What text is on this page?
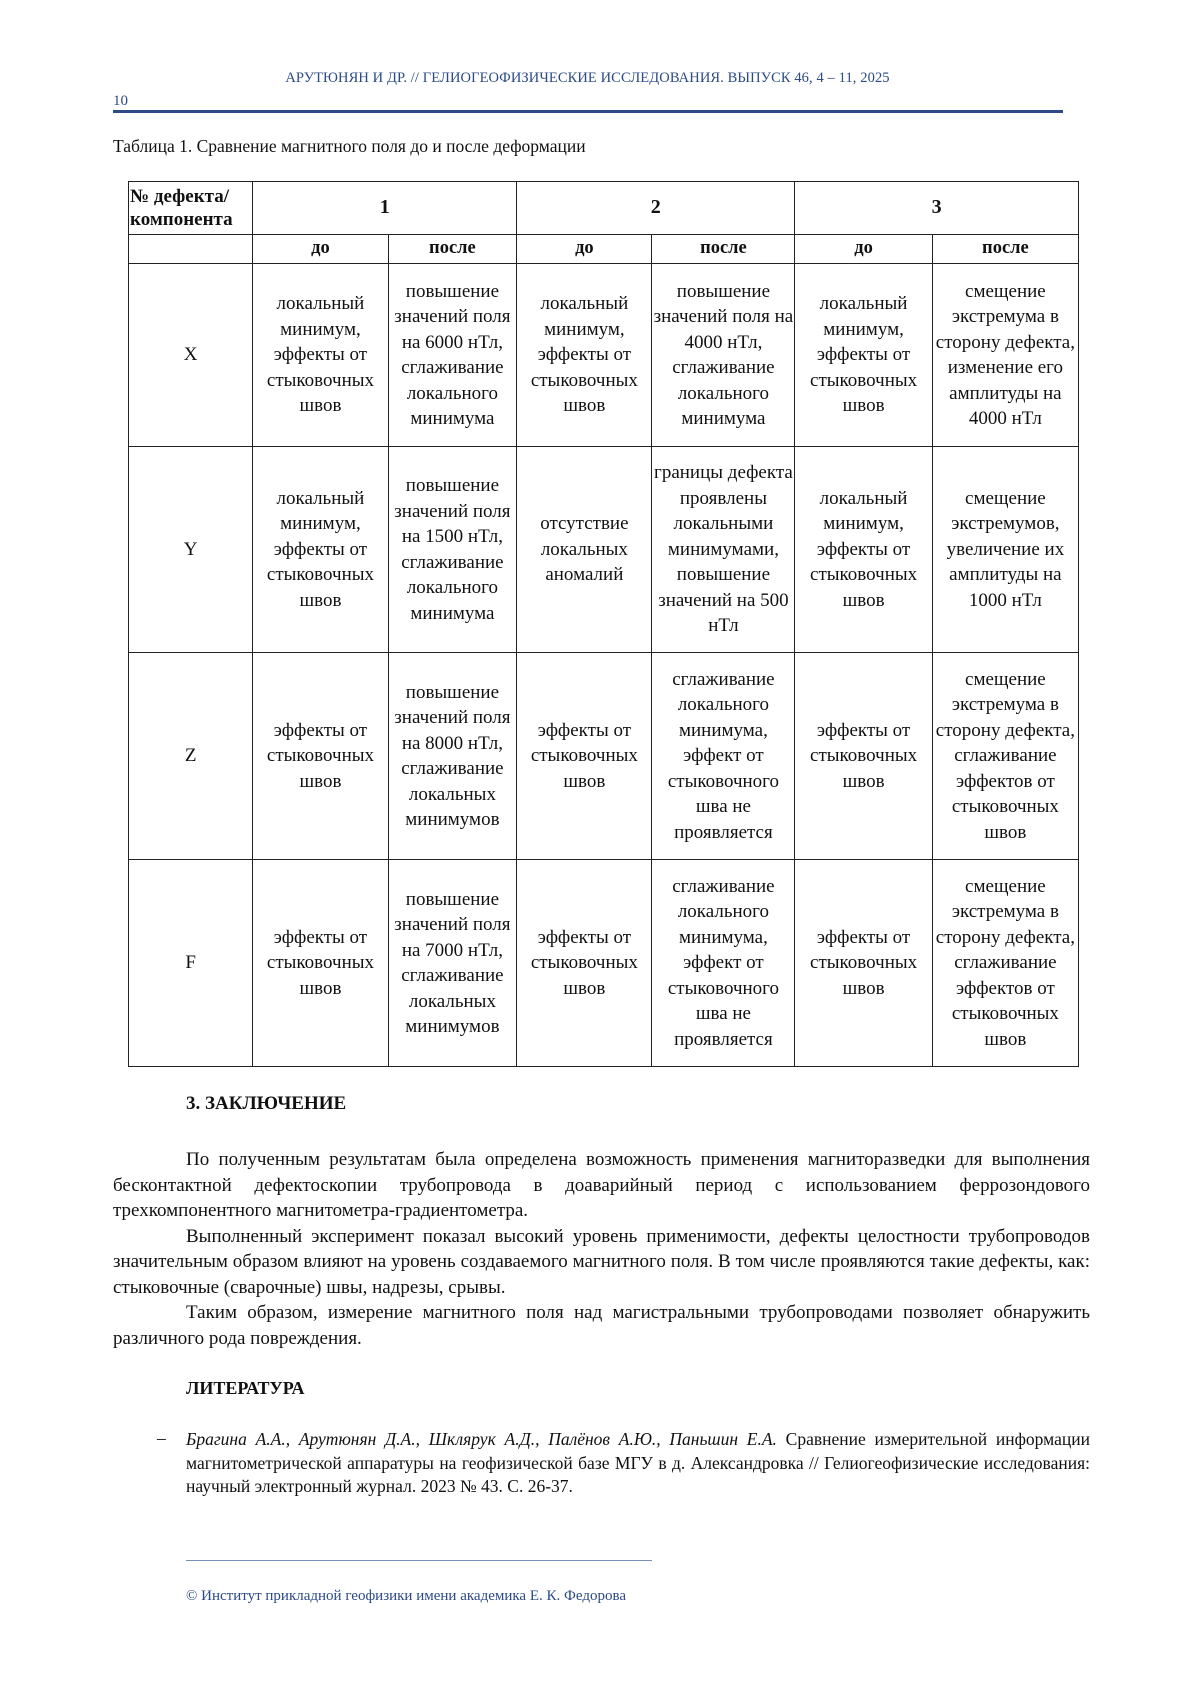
АРУТЮНЯН И ДР. // ГЕЛИОГЕОФИЗИЧЕСКИЕ ИССЛЕДОВАНИЯ. ВЫПУСК 46, 4 – 11, 2025
10
Таблица 1. Сравнение магнитного поля до и после деформации
№ дефекта/ компонента	1		2		3	
	до	после	до	после	до	после
X	локальный минимум, эффекты от стыковочных швов	повышение значений поля на 6000 нТл, сглаживание локального минимума	локальный минимум, эффекты от стыковочных швов	повышение значений поля на 4000 нТл, сглаживание локального минимума	локальный минимум, эффекты от стыковочных швов	смещение экстремума в сторону дефекта, изменение его амплитуды на 4000 нТл
Y	локальный минимум, эффекты от стыковочных швов	повышение значений поля на 1500 нТл, сглаживание локального минимума	отсутствие локальных аномалий	границы дефекта проявлены локальными минимумами, повышение значений на 500 нТл	локальный минимум, эффекты от стыковочных швов	смещение экстремумов, увеличение их амплитуды на 1000 нТл
Z	эффекты от стыковочных швов	повышение значений поля на 8000 нТл, сглаживание локальных минимумов	эффекты от стыковочных швов	сглаживание локального минимума, эффект от стыковочного шва не проявляется	эффекты от стыковочных швов	смещение экстремума в сторону дефекта, сглаживание эффектов от стыковочных швов
F	эффекты от стыковочных швов	повышение значений поля на 7000 нТл, сглаживание локальных минимумов	эффекты от стыковочных швов	сглаживание локального минимума, эффект от стыковочного шва не проявляется	эффекты от стыковочных швов	смещение экстремума в сторону дефекта, сглаживание эффектов от стыковочных швов
3. ЗАКЛЮЧЕНИЕ

По полученным результатам была определена возможность применения магниторазведки для выполнения бесконтактной дефектоскопии трубопровода в доаварийный период с использованием феррозондового трехкомпонентного магнитометра-градиентометра.

Выполненный эксперимент показал высокий уровень применимости, дефекты целостности трубопроводов значительным образом влияют на уровень создаваемого магнитного поля. В том числе проявляются такие дефекты, как: стыковочные (сварочные) швы, надрезы, срывы.

Таким образом, измерение магнитного поля над магистральными трубопроводами позволяет обнаружить различного рода повреждения.

ЛИТЕРАТУРА
– Брагина А.А., Арутюнян Д.А., Шклярук А.Д., Палёнов А.Ю., Паньшин Е.А. Сравнение измерительной информации магнитометрической аппаратуры на геофизической базе МГУ в д. Александровка // Гелиогеофизические исследования: научный электронный журнал. 2023 № 43. С. 26-37.
© Институт прикладной геофизики имени академика Е. К. Федорова
